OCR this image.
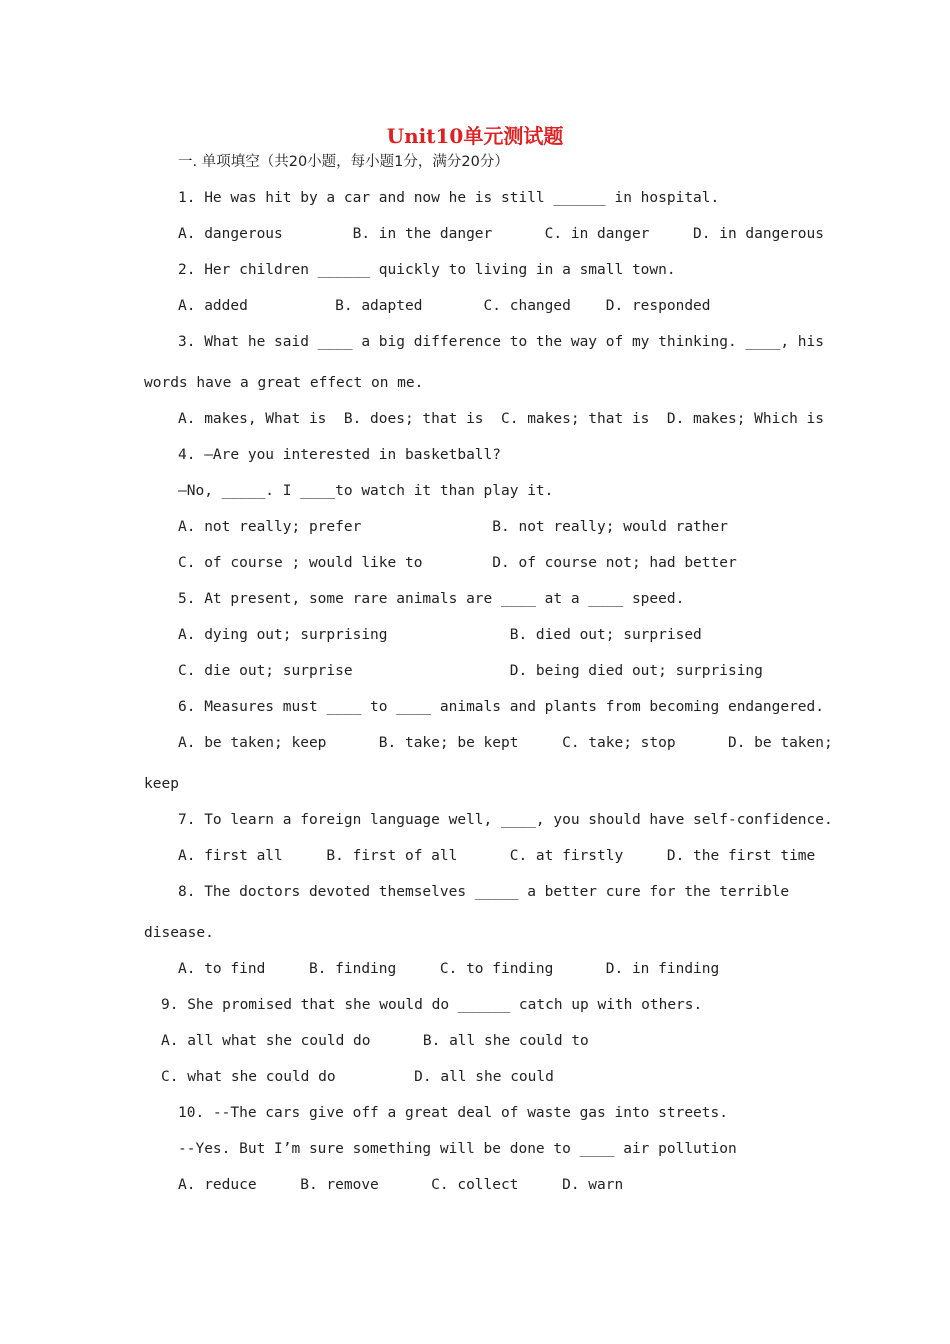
Unit10单元测试题
一. 单项填空（共20小题，每小题1分，满分20分）
1. He was hit by a car and now he is still ______ in hospital.
A. dangerous        B. in the danger      C. in danger     D. in dangerous
2. Her children ______ quickly to living in a small town.
A. added          B. adapted       C. changed    D. responded
3. What he said ____ a big difference to the way of my thinking. ____, his
words have a great effect on me.
A. makes, What is  B. does; that is  C. makes; that is  D. makes; Which is
4. —Are you interested in basketball?
—No, _____. I ____to watch it than play it.
A. not really; prefer               B. not really; would rather
C. of course ; would like to        D. of course not; had better
5. At present, some rare animals are ____ at a ____ speed.
A. dying out; surprising              B. died out; surprised
C. die out; surprise                  D. being died out; surprising
6. Measures must ____ to ____ animals and plants from becoming endangered.
A. be taken; keep      B. take; be kept     C. take; stop      D. be taken;
keep
7. To learn a foreign language well, ____, you should have self-confidence.
A. first all     B. first of all      C. at firstly     D. the first time
8. The doctors devoted themselves _____ a better cure for the terrible
disease.
A. to find     B. finding     C. to finding      D. in finding
9. She promised that she would do ______ catch up with others.
A. all what she could do      B. all she could to
C. what she could do         D. all she could
10. --The cars give off a great deal of waste gas into streets.
--Yes. But I’m sure something will be done to ____ air pollution
A. reduce     B. remove      C. collect     D. warn
